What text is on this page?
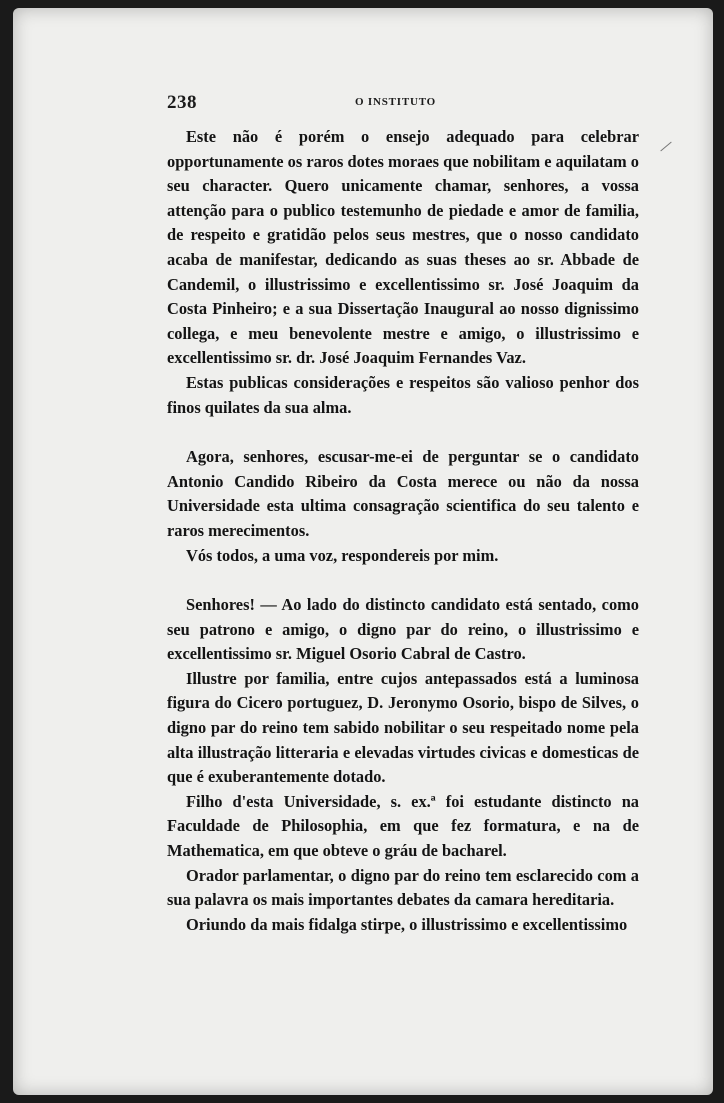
238	O INSTITUTO

Este não é porém o ensejo adequado para celebrar opportunamente os raros dotes moraes que nobilitam e aquilatam o seu character. Quero unicamente chamar, senhores, a vossa attenção para o publico testemunho de piedade e amor de familia, de respeito e gratidão pelos seus mestres, que o nosso candidato acaba de manifestar, dedicando as suas theses ao sr. Abbade de Candemil, o illustrissimo e excellentissimo sr. José Joaquim da Costa Pinheiro; e a sua Dissertação Inaugural ao nosso dignissimo collega, e meu benevolente mestre e amigo, o illustrissimo e excellentissimo sr. dr. José Joaquim Fernandes Vaz.

Estas publicas considerações e respeitos são valioso penhor dos finos quilates da sua alma.

Agora, senhores, escusar-me-ei de perguntar se o candidato Antonio Candido Ribeiro da Costa merece ou não da nossa Universidade esta ultima consagração scientifica do seu talento e raros merecimentos.

Vós todos, a uma voz, respondereis por mim.

Senhores! — Ao lado do distincto candidato está sentado, como seu patrono e amigo, o digno par do reino, o illustrissimo e excellentissimo sr. Miguel Osorio Cabral de Castro.

Illustre por familia, entre cujos antepassados está a luminosa figura do Cicero portuguez, D. Jeronymo Osorio, bispo de Silves, o digno par do reino tem sabido nobilitar o seu respeitado nome pela alta illustração litteraria e elevadas virtudes civicas e domesticas de que é exuberantemente dotado.

Filho d'esta Universidade, s. ex.ª foi estudante distincto na Faculdade de Philosophia, em que fez formatura, e na de Mathematica, em que obteve o gráu de bacharel.

Orador parlamentar, o digno par do reino tem esclarecido com a sua palavra os mais importantes debates da camara hereditaria.

Oriundo da mais fidalga stirpe, o illustrissimo e excellentissimo
